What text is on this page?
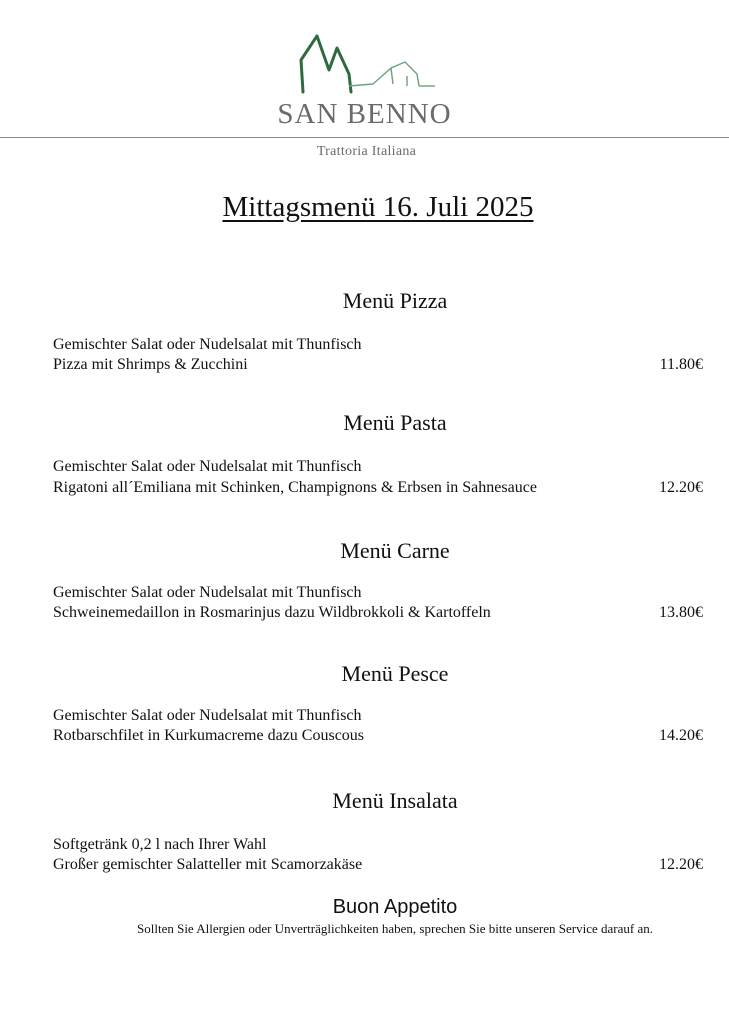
SAN BENNO
Trattoria Italiana
Mittagsmenü 16. Juli 2025
Menü Pizza
Gemischter Salat oder Nudelsalat mit Thunfisch
Pizza mit Shrimps & Zucchini	11.80€
Menü Pasta
Gemischter Salat oder Nudelsalat mit Thunfisch
Rigatoni all´Emiliana mit Schinken, Champignons & Erbsen in Sahnesauce	12.20€
Menü Carne
Gemischter Salat oder Nudelsalat mit Thunfisch
Schweinemedaillon in Rosmarinjus dazu Wildbrokkoli & Kartoffeln	13.80€
Menü Pesce
Gemischter Salat oder Nudelsalat mit Thunfisch
Rotbarschfilet in Kurkumacreme dazu Couscous	14.20€
Menü Insalata
Softgetränk 0,2 l nach Ihrer Wahl
Großer gemischter Salatteller mit Scamorzakäse	12.20€
Buon Appetito
Sollten Sie Allergien oder Unverträglichkeiten haben, sprechen Sie bitte unseren Service darauf an.
